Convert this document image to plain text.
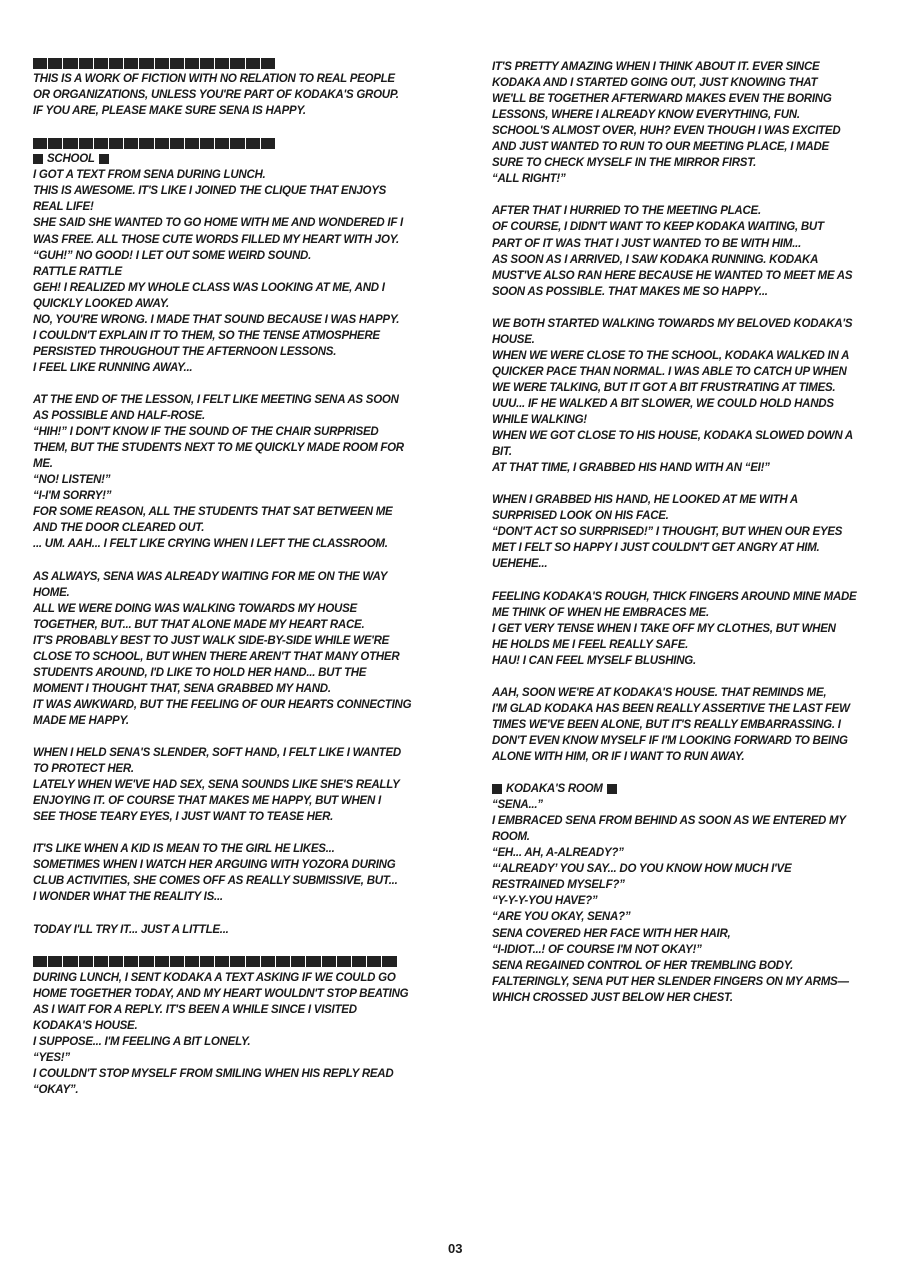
THIS IS A WORK OF FICTION WITH NO RELATION TO REAL PEOPLE
OR ORGANIZATIONS, UNLESS YOU'RE PART OF KODAKA'S GROUP.
IF YOU ARE, PLEASE MAKE SURE SENA IS HAPPY.
SCHOOL
I GOT A TEXT FROM SENA DURING LUNCH.
THIS IS AWESOME. IT'S LIKE I JOINED THE CLIQUE THAT ENJOYS
REAL LIFE!
SHE SAID SHE WANTED TO GO HOME WITH ME AND WONDERED IF I
WAS FREE. ALL THOSE CUTE WORDS FILLED MY HEART WITH JOY.
“GUH!” NO GOOD! I LET OUT SOME WEIRD SOUND.
RATTLE RATTLE
GEH! I REALIZED MY WHOLE CLASS WAS LOOKING AT ME, AND I
QUICKLY LOOKED AWAY.
NO, YOU'RE WRONG. I MADE THAT SOUND BECAUSE I WAS HAPPY.
I COULDN'T EXPLAIN IT TO THEM, SO THE TENSE ATMOSPHERE
PERSISTED THROUGHOUT THE AFTERNOON LESSONS.
I FEEL LIKE RUNNING AWAY...
AT THE END OF THE LESSON, I FELT LIKE MEETING SENA AS SOON
AS POSSIBLE AND HALF-ROSE.
“HIH!” I DON'T KNOW IF THE SOUND OF THE CHAIR SURPRISED
THEM, BUT THE STUDENTS NEXT TO ME QUICKLY MADE ROOM FOR
ME.
“NO! LISTEN!”
“I-I'M SORRY!”
FOR SOME REASON, ALL THE STUDENTS THAT SAT BETWEEN ME
AND THE DOOR CLEARED OUT.
... UM. AAH... I FELT LIKE CRYING WHEN I LEFT THE CLASSROOM.
AS ALWAYS, SENA WAS ALREADY WAITING FOR ME ON THE WAY
HOME.
ALL WE WERE DOING WAS WALKING TOWARDS MY HOUSE
TOGETHER, BUT... BUT THAT ALONE MADE MY HEART RACE.
IT'S PROBABLY BEST TO JUST WALK SIDE-BY-SIDE WHILE WE'RE
CLOSE TO SCHOOL, BUT WHEN THERE AREN'T THAT MANY OTHER
STUDENTS AROUND, I'D LIKE TO HOLD HER HAND... BUT THE
MOMENT I THOUGHT THAT, SENA GRABBED MY HAND.
IT WAS AWKWARD, BUT THE FEELING OF OUR HEARTS CONNECTING
MADE ME HAPPY.
WHEN I HELD SENA'S SLENDER, SOFT HAND, I FELT LIKE I WANTED
TO PROTECT HER.
LATELY WHEN WE'VE HAD SEX, SENA SOUNDS LIKE SHE'S REALLY
ENJOYING IT. OF COURSE THAT MAKES ME HAPPY, BUT WHEN I
SEE THOSE TEARY EYES, I JUST WANT TO TEASE HER.
IT'S LIKE WHEN A KID IS MEAN TO THE GIRL HE LIKES...
SOMETIMES WHEN I WATCH HER ARGUING WITH YOZORA DURING
CLUB ACTIVITIES, SHE COMES OFF AS REALLY SUBMISSIVE, BUT...
I WONDER WHAT THE REALITY IS...
TODAY I'LL TRY IT... JUST A LITTLE...
DURING LUNCH, I SENT KODAKA A TEXT ASKING IF WE COULD GO
HOME TOGETHER TODAY, AND MY HEART WOULDN'T STOP BEATING
AS I WAIT FOR A REPLY. IT'S BEEN A WHILE SINCE I VISITED
KODAKA'S HOUSE.
I SUPPOSE... I'M FEELING A BIT LONELY.
“YES!”
I COULDN'T STOP MYSELF FROM SMILING WHEN HIS REPLY READ
“OKAY”.
IT'S PRETTY AMAZING WHEN I THINK ABOUT IT. EVER SINCE
KODAKA AND I STARTED GOING OUT, JUST KNOWING THAT
WE'LL BE TOGETHER AFTERWARD MAKES EVEN THE BORING
LESSONS, WHERE I ALREADY KNOW EVERYTHING, FUN.
SCHOOL'S ALMOST OVER, HUH? EVEN THOUGH I WAS EXCITED
AND JUST WANTED TO RUN TO OUR MEETING PLACE, I MADE
SURE TO CHECK MYSELF IN THE MIRROR FIRST.
“ALL RIGHT!”
AFTER THAT I HURRIED TO THE MEETING PLACE.
OF COURSE, I DIDN'T WANT TO KEEP KODAKA WAITING, BUT
PART OF IT WAS THAT I JUST WANTED TO BE WITH HIM...
AS SOON AS I ARRIVED, I SAW KODAKA RUNNING. KODAKA
MUST'VE ALSO RAN HERE BECAUSE HE WANTED TO MEET ME AS
SOON AS POSSIBLE. THAT MAKES ME SO HAPPY...
WE BOTH STARTED WALKING TOWARDS MY BELOVED KODAKA'S
HOUSE.
WHEN WE WERE CLOSE TO THE SCHOOL, KODAKA WALKED IN A
QUICKER PACE THAN NORMAL. I WAS ABLE TO CATCH UP WHEN
WE WERE TALKING, BUT IT GOT A BIT FRUSTRATING AT TIMES.
UUU... IF HE WALKED A BIT SLOWER, WE COULD HOLD HANDS
WHILE WALKING!
WHEN WE GOT CLOSE TO HIS HOUSE, KODAKA SLOWED DOWN A
BIT.
AT THAT TIME, I GRABBED HIS HAND WITH AN “EI!”
WHEN I GRABBED HIS HAND, HE LOOKED AT ME WITH A
SURPRISED LOOK ON HIS FACE.
“DON'T ACT SO SURPRISED!” I THOUGHT, BUT WHEN OUR EYES
MET I FELT SO HAPPY I JUST COULDN'T GET ANGRY AT HIM.
UEHEHE...
FEELING KODAKA'S ROUGH, THICK FINGERS AROUND MINE MADE
ME THINK OF WHEN HE EMBRACES ME.
I GET VERY TENSE WHEN I TAKE OFF MY CLOTHES, BUT WHEN
HE HOLDS ME I FEEL REALLY SAFE.
HAU! I CAN FEEL MYSELF BLUSHING.
AAH, SOON WE'RE AT KODAKA'S HOUSE. THAT REMINDS ME,
I'M GLAD KODAKA HAS BEEN REALLY ASSERTIVE THE LAST FEW
TIMES WE'VE BEEN ALONE, BUT IT'S REALLY EMBARRASSING. I
DON'T EVEN KNOW MYSELF IF I'M LOOKING FORWARD TO BEING
ALONE WITH HIM, OR IF I WANT TO RUN AWAY.
KODAKA'S ROOM
“SENA...”
I EMBRACED SENA FROM BEHIND AS SOON AS WE ENTERED MY
ROOM.
“EH... AH, A-ALREADY?”
“‘ALREADY’ YOU SAY... DO YOU KNOW HOW MUCH I'VE
RESTRAINED MYSELF?”
“Y-Y-Y-YOU HAVE?”
“ARE YOU OKAY, SENA?”
SENA COVERED HER FACE WITH HER HAIR,
“I-IDIOT...! OF COURSE I'M NOT OKAY!”
SENA REGAINED CONTROL OF HER TREMBLING BODY.
FALTERINGLY, SENA PUT HER SLENDER FINGERS ON MY ARMS—
WHICH CROSSED JUST BELOW HER CHEST.
03
